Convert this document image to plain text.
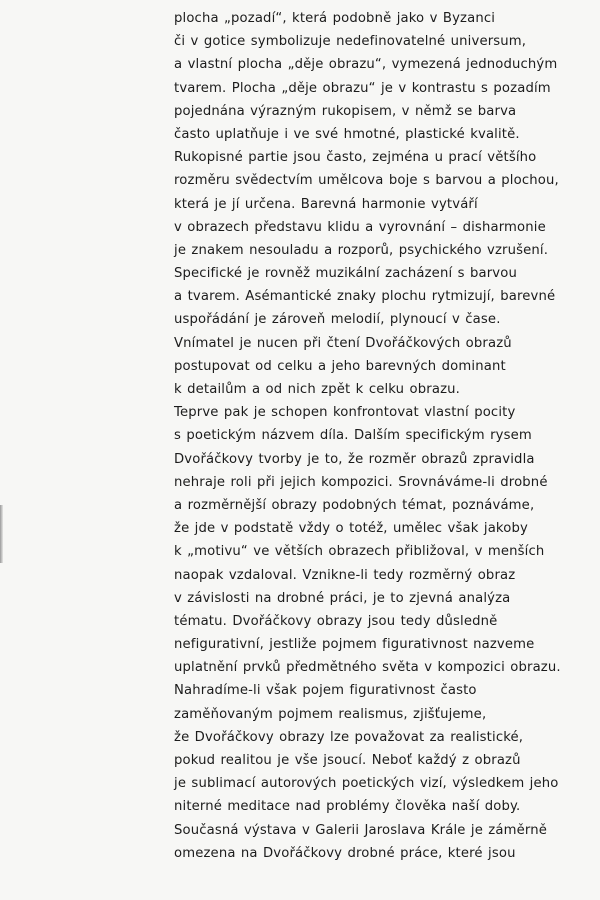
plocha „pozadí“, která podobně jako v Byzanci
či v gotice symbolizuje nedefinovatelné universum,
a vlastní plocha „děje obrazu“, vymezená jednoduchým
tvarem. Plocha „děje obrazu“ je v kontrastu s pozadím
pojednána výrazným rukopisem, v němž se barva
často uplatňuje i ve své hmotné, plastické kvalitě.
Rukopisné partie jsou často, zejména u prací většího
rozměru svědectvím umělcova boje s barvou a plochou,
která je jí určena. Barevná harmonie vytváří
v obrazech představu klidu a vyrovnání – disharmonie
je znakem nesouladu a rozporů, psychického vzrušení.
Specifické je rovněž muzikální zacházení s barvou
a tvarem. Asémantické znaky plochu rytmizují, barevné
uspořádání je zároveň melodií, plynoucí v čase.
Vnímatel je nucen při čtení Dvořáčkových obrazů
postupovat od celku a jeho barevných dominant
k detailům a od nich zpět k celku obrazu.
Teprve pak je schopen konfrontovat vlastní pocity
s poetickým názvem díla. Dalším specifickým rysem
Dvořáčkovy tvorby je to, že rozměr obrazů zpravidla
nehraje roli při jejich kompozici. Srovnáváme-li drobné
a rozměrnější obrazy podobných témat, poznáváme,
že jde v podstatě vždy o totéž, umělec však jakoby
k „motivu“ ve větších obrazech přibližoval, v menších
naopak vzdaloval. Vznikne-li tedy rozměrný obraz
v závislosti na drobné práci, je to zjevná analýza
tématu. Dvořáčkovy obrazy jsou tedy důsledně
nefigurativní, jestliže pojmem figurativnost nazveme
uplatnění prvků předmětného světa v kompozici obrazu.
Nahradíme-li však pojem figurativnost často
zaměňovaným pojmem realismus, zjišťujeme,
že Dvořáčkovy obrazy lze považovat za realistické,
pokud realitou je vše jsoucí. Neboť každý z obrazů
je sublimací autorových poetických vizí, výsledkem jeho
niterné meditace nad problémy člověka naší doby.
Současná výstava v Galerii Jaroslava Krále je záměrně
omezena na Dvořáčkovy drobné práce, které jsou
